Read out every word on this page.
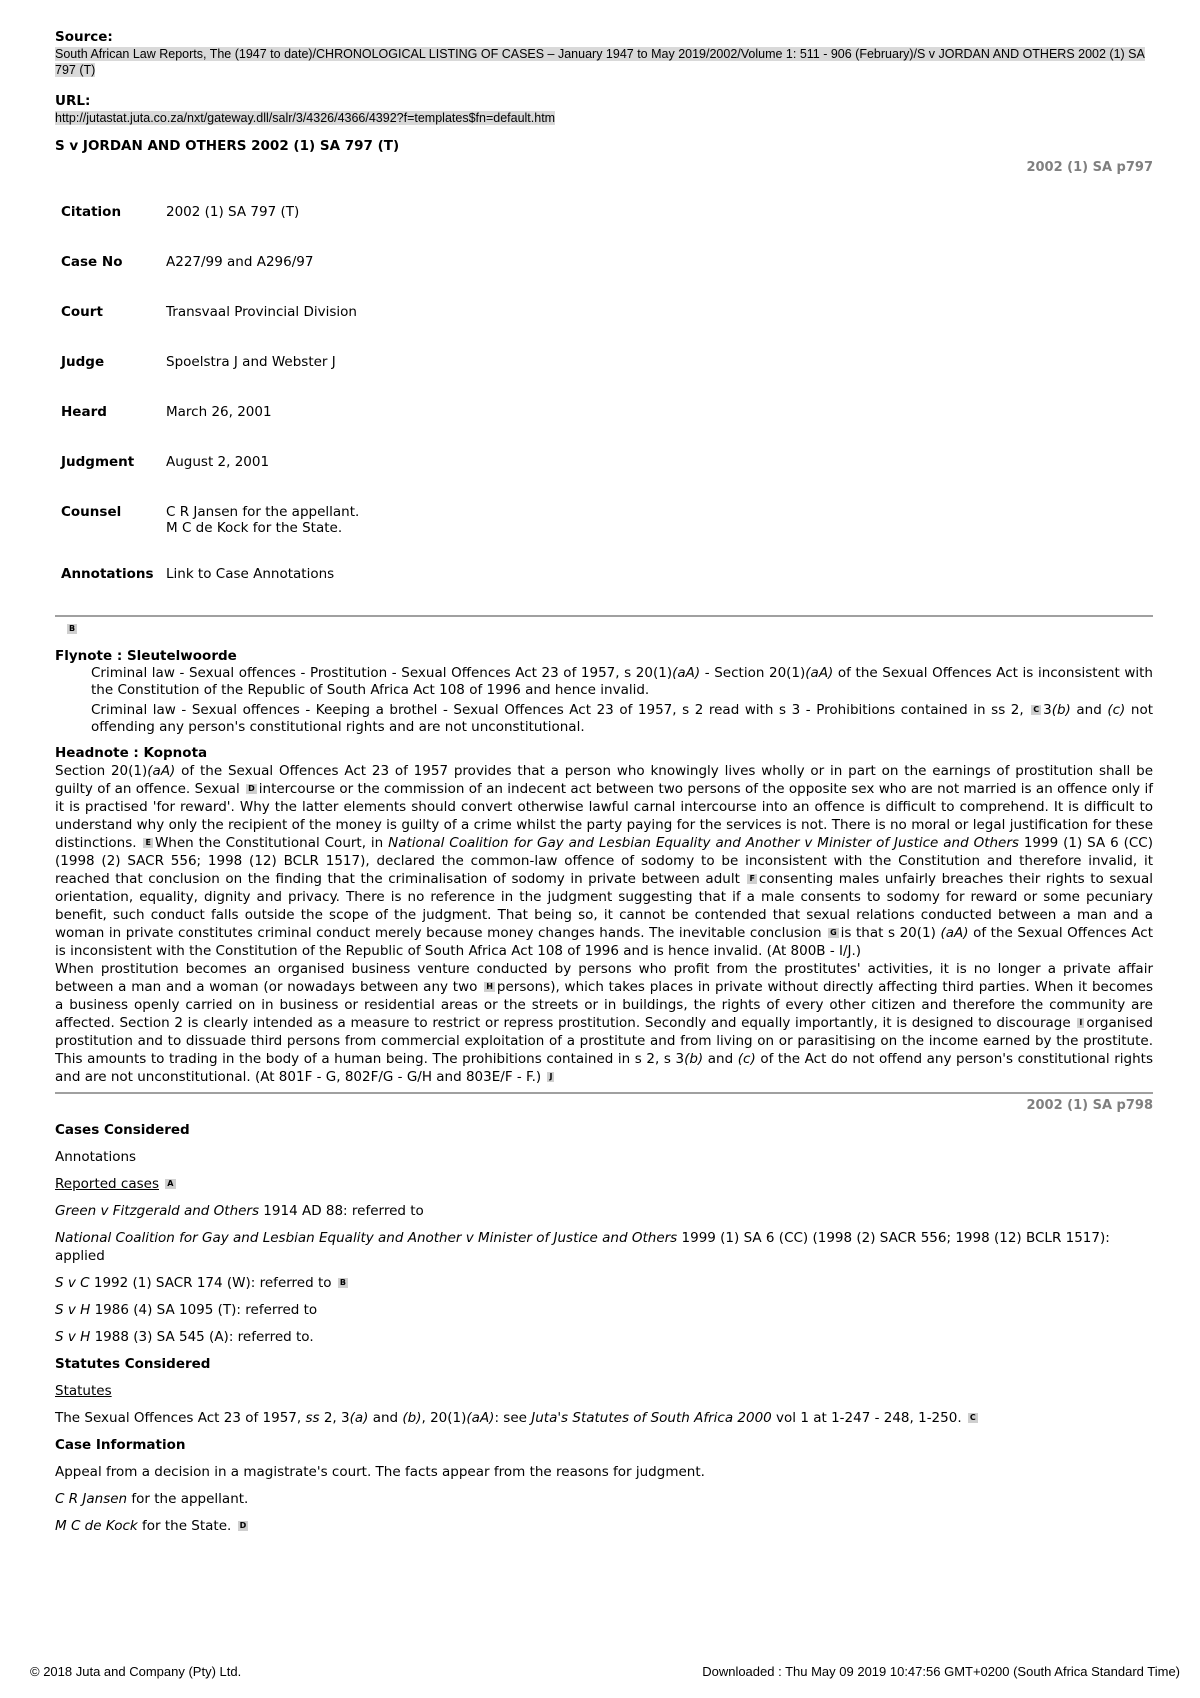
Source:
South African Law Reports, The (1947 to date)/CHRONOLOGICAL LISTING OF CASES – January 1947 to May 2019/2002/Volume 1: 511 - 906 (February)/S v JORDAN AND OTHERS 2002 (1) SA 797 (T)
URL:
http://jutastat.juta.co.za/nxt/gateway.dll/salr/3/4326/4366/4392?f=templates$fn=default.htm
S v JORDAN AND OTHERS 2002 (1) SA 797 (T)
2002 (1) SA p797
Citation	2002 (1) SA 797 (T)
Case No	A227/99 and A296/97
Court	Transvaal Provincial Division
Judge	Spoelstra J and Webster J
Heard	March 26, 2001
Judgment	August 2, 2001
Counsel	C R Jansen for the appellant.
M C de Kock for the State.

Annotations	Link to Case Annotations
B
Flynote : Sleutelwoorde

Criminal law - Sexual offences - Prostitution - Sexual Offences Act 23 of 1957, s 20(1)(aA) - Section 20(1)(aA) of the Sexual Offences Act is inconsistent with the Constitution of the Republic of South Africa Act 108 of 1996 and hence invalid.

Criminal law - Sexual offences - Keeping a brothel - Sexual Offences Act 23 of 1957, s 2 read with s 3 - Prohibitions contained in ss 2, C 3(b) and (c) not offending any person's constitutional rights and are not unconstitutional.

Headnote : Kopnota

Section 20(1)(aA) of the Sexual Offences Act 23 of 1957 provides that a person who knowingly lives wholly or in part on the earnings of prostitution shall be guilty of an offence. Sexual D intercourse or the commission of an indecent act between two persons of the opposite sex who are not married is an offence only if it is practised 'for reward'. Why the latter elements should convert otherwise lawful carnal intercourse into an offence is difficult to comprehend. It is difficult to understand why only the recipient of the money is guilty of a crime whilst the party paying for the services is not. There is no moral or legal justification for these distinctions. E When the Constitutional Court, in National Coalition for Gay and Lesbian Equality and Another v Minister of Justice and Others 1999 (1) SA 6 (CC) (1998 (2) SACR 556; 1998 (12) BCLR 1517), declared the common-law offence of sodomy to be inconsistent with the Constitution and therefore invalid, it reached that conclusion on the finding that the criminalisation of sodomy in private between adult F consenting males unfairly breaches their rights to sexual orientation, equality, dignity and privacy. There is no reference in the judgment suggesting that if a male consents to sodomy for reward or some pecuniary benefit, such conduct falls outside the scope of the judgment. That being so, it cannot be contended that sexual relations conducted between a man and a woman in private constitutes criminal conduct merely because money changes hands. The inevitable conclusion G is that s 20(1) (aA) of the Sexual Offences Act is inconsistent with the Constitution of the Republic of South Africa Act 108 of 1996 and is hence invalid. (At 800B - I/J.)

When prostitution becomes an organised business venture conducted by persons who profit from the prostitutes' activities, it is no longer a private affair between a man and a woman (or nowadays between any two H persons), which takes places in private without directly affecting third parties. When it becomes a business openly carried on in business or residential areas or the streets or in buildings, the rights of every other citizen and therefore the community are affected. Section 2 is clearly intended as a measure to restrict or repress prostitution. Secondly and equally importantly, it is designed to discourage I organised prostitution and to dissuade third persons from commercial exploitation of a prostitute and from living on or parasitising on the income earned by the prostitute. This amounts to trading in the body of a human being. The prohibitions contained in s 2, s 3(b) and (c) of the Act do not offend any person's constitutional rights and are not unconstitutional. (At 801F - G, 802F/G - G/H and 803E/F - F.) J

2002 (1) SA p798
Cases Considered

Annotations

Reported cases A

Green v Fitzgerald and Others 1914 AD 88: referred to

National Coalition for Gay and Lesbian Equality and Another v Minister of Justice and Others 1999 (1) SA 6 (CC) (1998 (2) SACR 556; 1998 (12) BCLR 1517): applied

S v C 1992 (1) SACR 174 (W): referred to B

S v H 1986 (4) SA 1095 (T): referred to

S v H 1988 (3) SA 545 (A): referred to.

Statutes Considered

Statutes

The Sexual Offences Act 23 of 1957, ss 2, 3(a) and (b), 20(1)(aA): see Juta's Statutes of South Africa 2000 vol 1 at 1-247 - 248, 1-250. C

Case Information

Appeal from a decision in a magistrate's court. The facts appear from the reasons for judgment.

C R Jansen for the appellant.

M C de Kock for the State. D

© 2018 Juta and Company (Pty) Ltd.	Downloaded : Thu May 09 2019 10:47:56 GMT+0200 (South Africa Standard Time)
